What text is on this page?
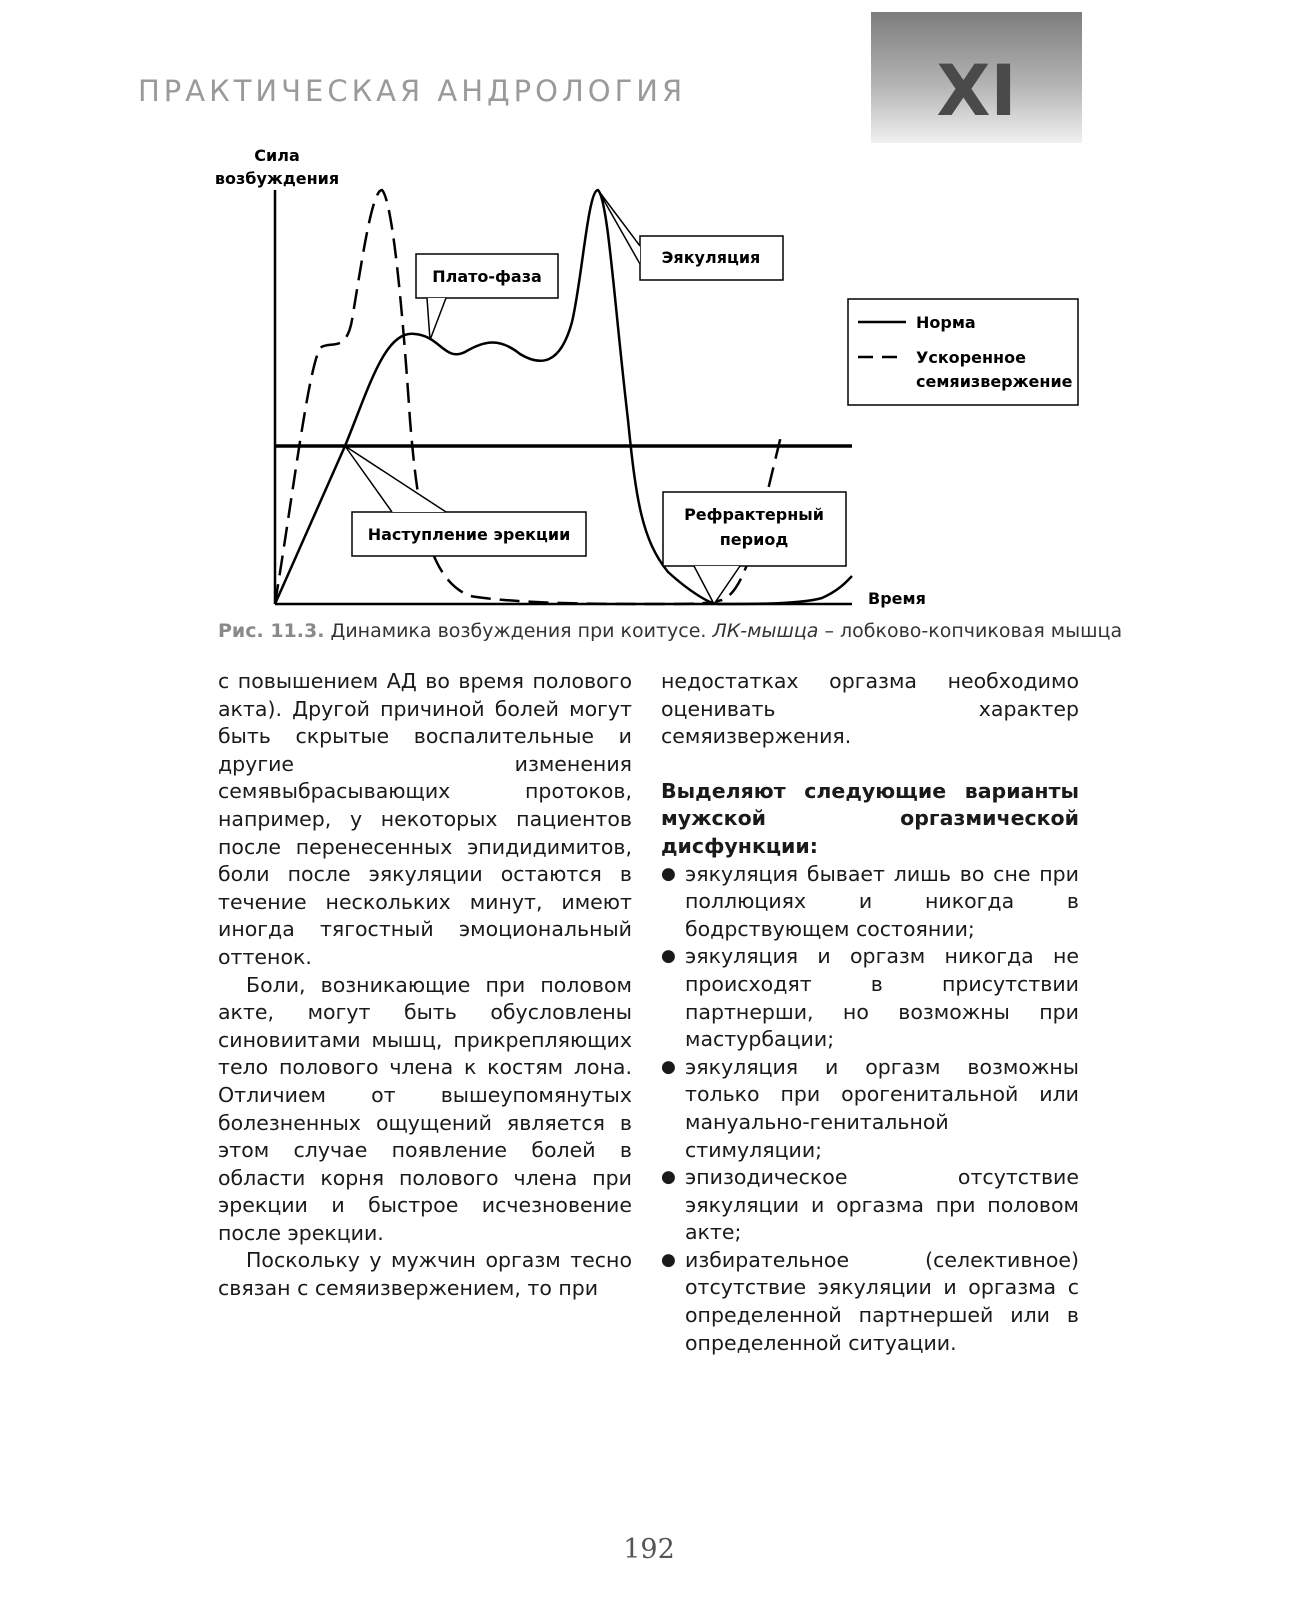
ПРАКТИЧЕСКАЯ АНДРОЛОГИЯ	XI
Сила
возбуждения
Время
Плато-фаза
Эякуляция
Наступление эрекции
Рефрактерный
период
Норма
Ускоренное
семяизвержение
Рис. 11.3. Динамика возбуждения при коитусе. ЛК-мышца – лобково-копчиковая мышца

с повышением АД во время полового акта). Другой причиной болей могут быть скрытые воспалительные и другие изменения семявыбрасывающих протоков, например, у некоторых пациентов после перенесенных эпидидимитов, боли после эякуляции остаются в течение нескольких минут, имеют иногда тягостный эмоциональный оттенок.

Боли, возникающие при половом акте, могут быть обусловлены синовиитами мышц, прикрепляющих тело полового члена к костям лона. Отличием от вышеупомянутых болезненных ощущений является в этом случае появление болей в области корня полового члена при эрекции и быстрое исчезновение после эрекции.

Поскольку у мужчин оргазм тесно связан с семяизвержением, то при

недостатках оргазма необходимо оценивать характер семяизвержения.

Выделяют следующие варианты мужской оргазмической дисфункции:

● эякуляция бывает лишь во сне при поллюциях и никогда в бодрствующем состоянии;
● эякуляция и оргазм никогда не происходят в присутствии партнерши, но возможны при мастурбации;
● эякуляция и оргазм возможны только при орогенитальной или мануально-генитальной стимуляции;
● эпизодическое отсутствие эякуляции и оргазма при половом акте;
● избирательное (селективное) отсутствие эякуляции и оргазма с определенной партнершей или в определенной ситуации.
192
